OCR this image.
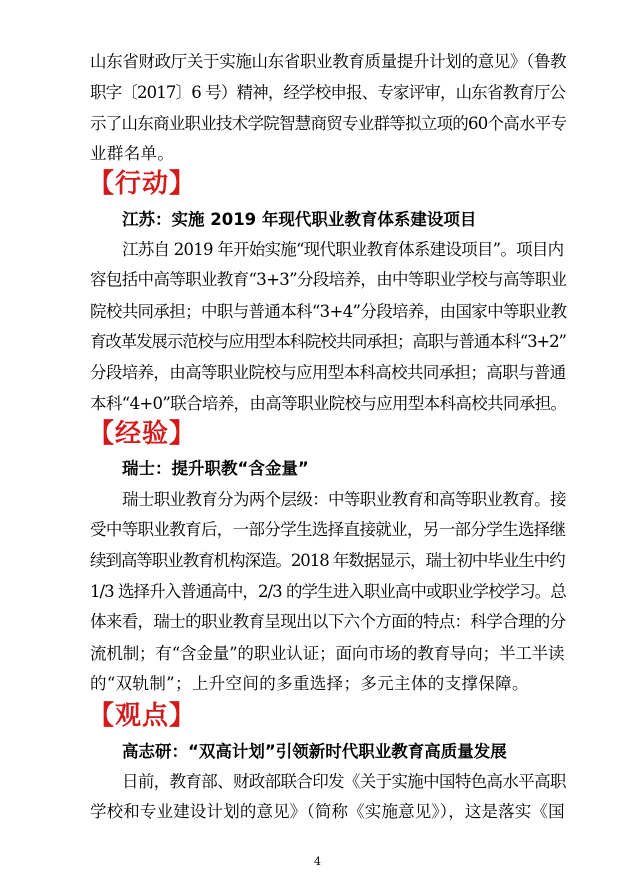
山东省财政厅关于实施山东省职业教育质量提升计划的意见》（鲁教
职字〔2017〕6 号）精神，经学校申报、专家评审，山东省教育厅公
示了山东商业职业技术学院智慧商贸专业群等拟立项的60个高水平专
业群名单。
【行动】
江苏：实施 2019 年现代职业教育体系建设项目
江苏自 2019 年开始实施“现代职业教育体系建设项目”。项目内
容包括中高等职业教育“3+3”分段培养，由中等职业学校与高等职业
院校共同承担；中职与普通本科“3+4”分段培养，由国家中等职业教
育改革发展示范校与应用型本科院校共同承担；高职与普通本科“3+2”
分段培养，由高等职业院校与应用型本科高校共同承担；高职与普通
本科“4+0”联合培养，由高等职业院校与应用型本科高校共同承担。
【经验】
瑞士：提升职教“含金量”
瑞士职业教育分为两个层级：中等职业教育和高等职业教育。接
受中等职业教育后，一部分学生选择直接就业，另一部分学生选择继
续到高等职业教育机构深造。2018 年数据显示，瑞士初中毕业生中约
1/3 选择升入普通高中，2/3 的学生进入职业高中或职业学校学习。总
体来看，瑞士的职业教育呈现出以下六个方面的特点：科学合理的分
流机制；有“含金量”的职业认证；面向市场的教育导向；半工半读
的“双轨制”；上升空间的多重选择；多元主体的支撑保障。
【观点】
高志研：“双高计划”引领新时代职业教育高质量发展
日前，教育部、财政部联合印发《关于实施中国特色高水平高职
学校和专业建设计划的意见》（简称《实施意见》），这是落实《国
4
